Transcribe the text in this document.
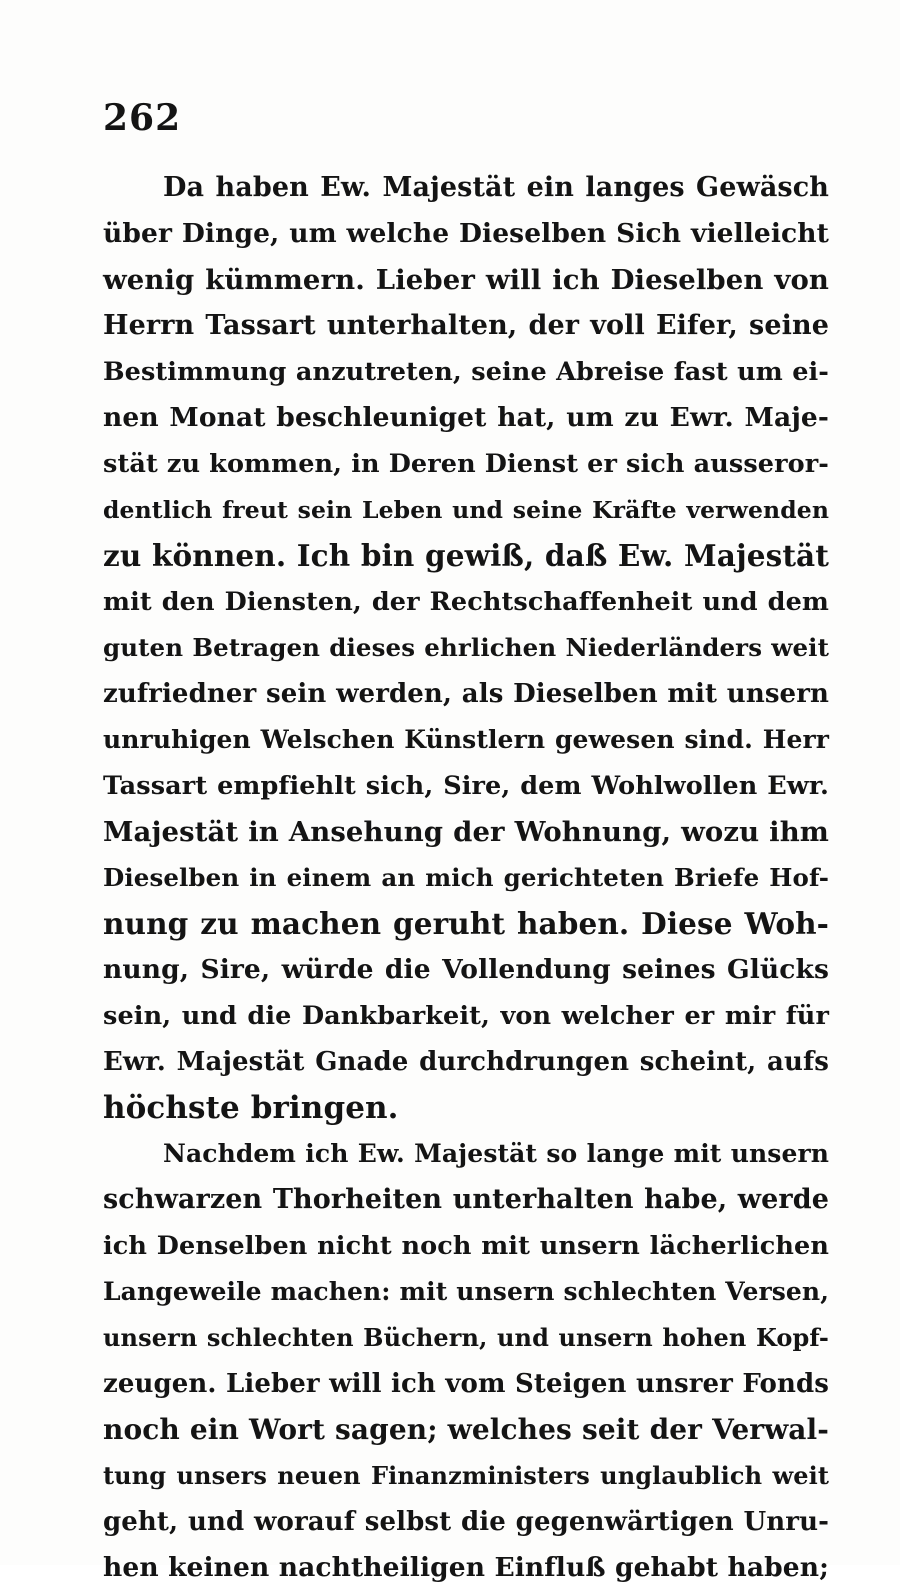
262
Da haben Ew. Majestät ein langes Gewäsch
über Dinge, um welche Dieselben Sich vielleicht
wenig kümmern. Lieber will ich Dieselben von
Herrn Tassart unterhalten, der voll Eifer, seine
Bestimmung anzutreten, seine Abreise fast um ei-
nen Monat beschleuniget hat, um zu Ewr. Maje-
stät zu kommen, in Deren Dienst er sich ausseror-
dentlich freut sein Leben und seine Kräfte verwenden
zu können. Ich bin gewiß, daß Ew. Majestät
mit den Diensten, der Rechtschaffenheit und dem
guten Betragen dieses ehrlichen Niederländers weit
zufriedner sein werden, als Dieselben mit unsern
unruhigen Welschen Künstlern gewesen sind. Herr
Tassart empfiehlt sich, Sire, dem Wohlwollen Ewr.
Majestät in Ansehung der Wohnung, wozu ihm
Dieselben in einem an mich gerichteten Briefe Hof-
nung zu machen geruht haben. Diese Woh-
nung, Sire, würde die Vollendung seines Glücks
sein, und die Dankbarkeit, von welcher er mir für
Ewr. Majestät Gnade durchdrungen scheint, aufs
höchste bringen.
Nachdem ich Ew. Majestät so lange mit unsern
schwarzen Thorheiten unterhalten habe, werde
ich Denselben nicht noch mit unsern lächerlichen
Langeweile machen: mit unsern schlechten Versen,
unsern schlechten Büchern, und unsern hohen Kopf-
zeugen. Lieber will ich vom Steigen unsrer Fonds
noch ein Wort sagen; welches seit der Verwal-
tung unsers neuen Finanzministers unglaublich weit
geht, und worauf selbst die gegenwärtigen Unru-
hen keinen nachtheiligen Einfluß gehabt haben;
